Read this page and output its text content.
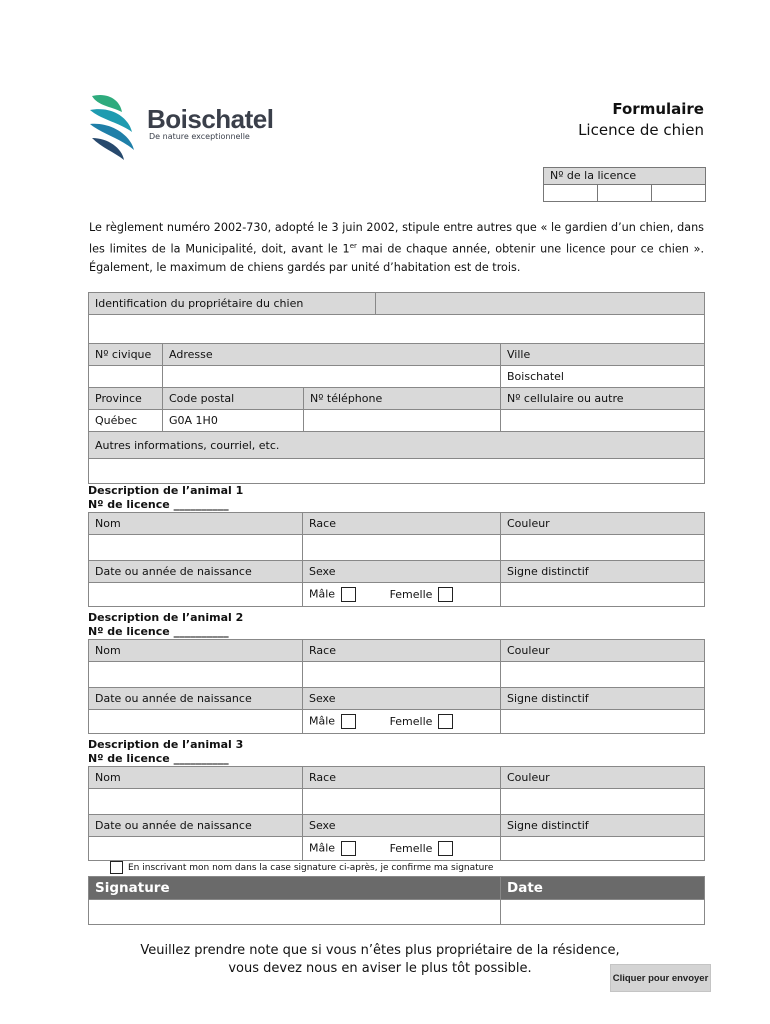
Boischatel
De nature exceptionnelle
Formulaire
Licence de chien
Nº de la licence
Le règlement numéro 2002-730, adopté le 3 juin 2002, stipule entre autres que « le gardien d’un chien, dans les limites de la Municipalité, doit, avant le 1er mai de chaque année, obtenir une licence pour ce chien ». Également, le maximum de chiens gardés par unité d’habitation est de trois.
Identification du propriétaire du chien				

Nº civique	Adresse			Ville
				Boischatel
Province	Code postal	Nº téléphone		Nº cellulaire ou autre
Québec	G0A 1H0			
Autres informations, courriel, etc.				

Description de l’animal 1
Nº de licence __________
Nom	Race	Couleur

Date ou année de naissance	Sexe	Signe distinctif
	Mâle Femelle	
Description de l’animal 2
Nº de licence __________
Nom	Race	Couleur

Date ou année de naissance	Sexe	Signe distinctif
	Mâle Femelle	
Description de l’animal 3
Nº de licence __________
Nom	Race	Couleur

Date ou année de naissance	Sexe	Signe distinctif
	Mâle Femelle	
En inscrivant mon nom dans la case signature ci-après, je confirme ma signature
Signature	Date

Veuillez prendre note que si vous n’êtes plus propriétaire de la résidence,
vous devez nous en aviser le plus tôt possible.
Cliquer pour envoyer
